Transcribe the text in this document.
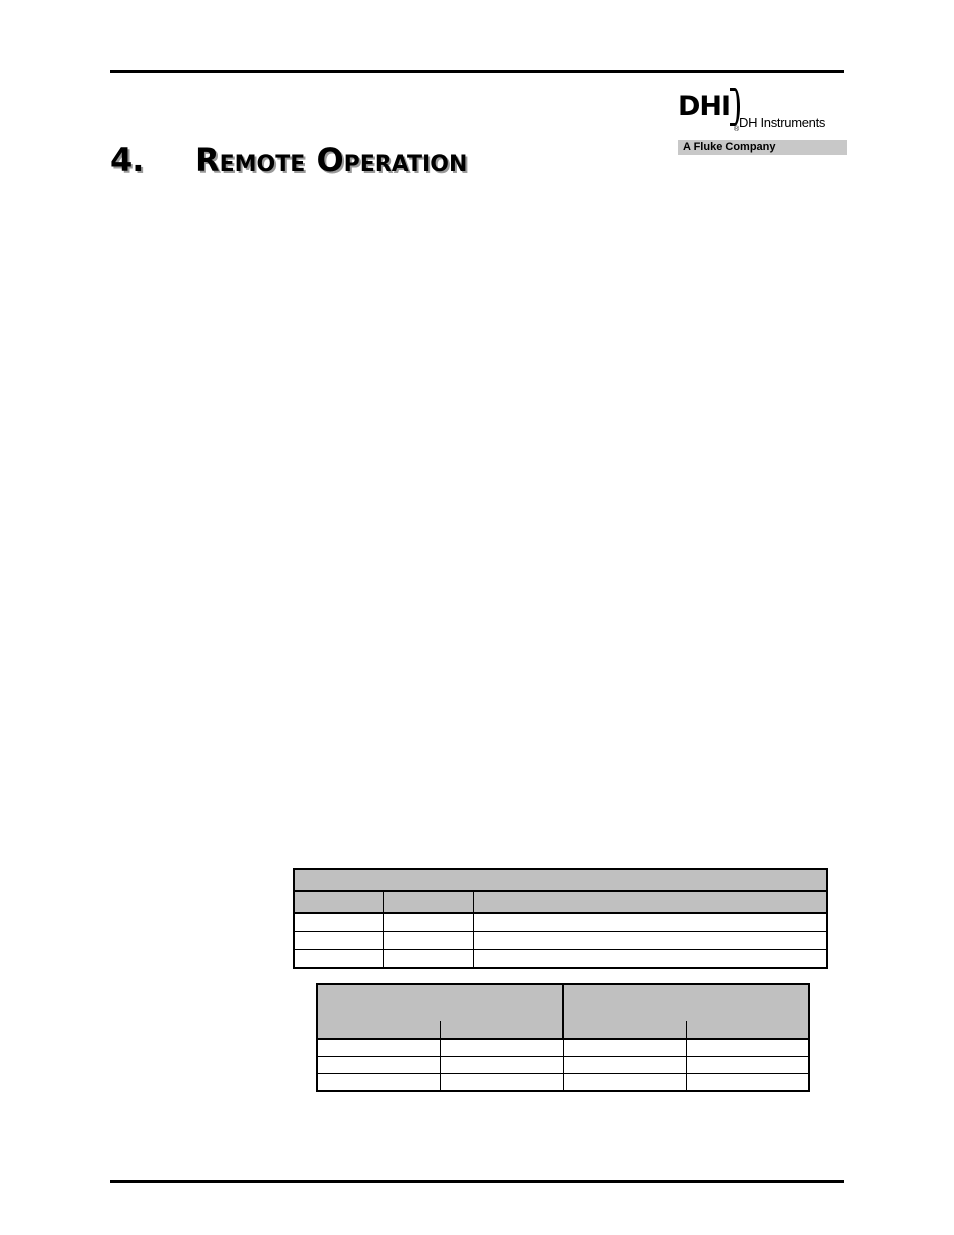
4. Remote Operation
DHI
® DH Instruments
A Fluke Company
